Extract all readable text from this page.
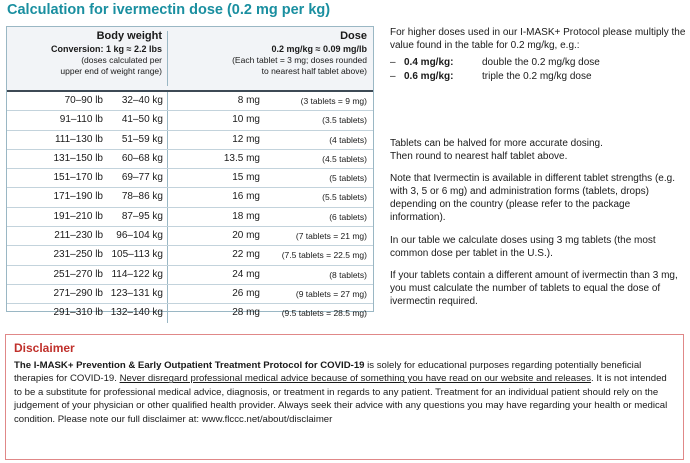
Calculation for ivermectin dose (0.2 mg per kg)
Body weight
Conversion: 1 kg ≈ 2.2 lbs
(doses calculated per
upper end of weight range)
Dose
0.2 mg/kg ≈ 0.09 mg/lb
(Each tablet = 3 mg; doses rounded
to nearest half tablet above)
70–90 lb 32–40 kg	8 mg	(3 tablets = 9 mg)
91–110 lb 41–50 kg	10 mg	(3.5 tablets)
111–130 lb 51–59 kg	12 mg	(4 tablets)
131–150 lb 60–68 kg	13.5 mg	(4.5 tablets)
151–170 lb 69–77 kg	15 mg	(5 tablets)
171–190 lb 78–86 kg	16 mg	(5.5 tablets)
191–210 lb 87–95 kg	18 mg	(6 tablets)
211–230 lb 96–104 kg	20 mg	(7 tablets = 21 mg)
231–250 lb 105–113 kg	22 mg	(7.5 tablets = 22.5 mg)
251–270 lb 114–122 kg	24 mg	(8 tablets)
271–290 lb 123–131 kg	26 mg	(9 tablets = 27 mg)
291–310 lb 132–140 kg	28 mg	(9.5 tablets = 28.5 mg)

For higher doses used in our I-MASK+ Protocol please multiply the value found in the table for 0.2 mg/kg, e.g.:

– 0.4 mg/kg:	double the 0.2 mg/kg dose
– 0.6 mg/kg:	triple the 0.2 mg/kg dose

Tablets can be halved for more accurate dosing.

Then round to nearest half tablet above.

Note that Ivermectin is available in different tablet strengths (e.g. with 3, 5 or 6 mg) and administration forms (tablets, drops) depending on the country (please refer to the package information).

In our table we calculate doses using 3 mg tablets (the most common dose per tablet in the U.S.).

If your tablets contain a different amount of ivermectin than 3 mg, you must calculate the number of tablets to equal the dose of ivermectin required.

Disclaimer
The I-MASK+ Prevention & Early Outpatient Treatment Protocol for COVID-19 is solely for educational purposes regarding potentially beneficial therapies for COVID-19. Never disregard professional medical advice because of something you have read on our website and releases. It is not intended to be a substitute for professional medical advice, diagnosis, or treatment in regards to any patient. Treatment for an individual patient should rely on the judgement of your physician or other qualified health provider. Always seek their advice with any questions you may have regarding your health or medical condition. Please note our full disclaimer at: www.flccc.net/about/disclaimer
